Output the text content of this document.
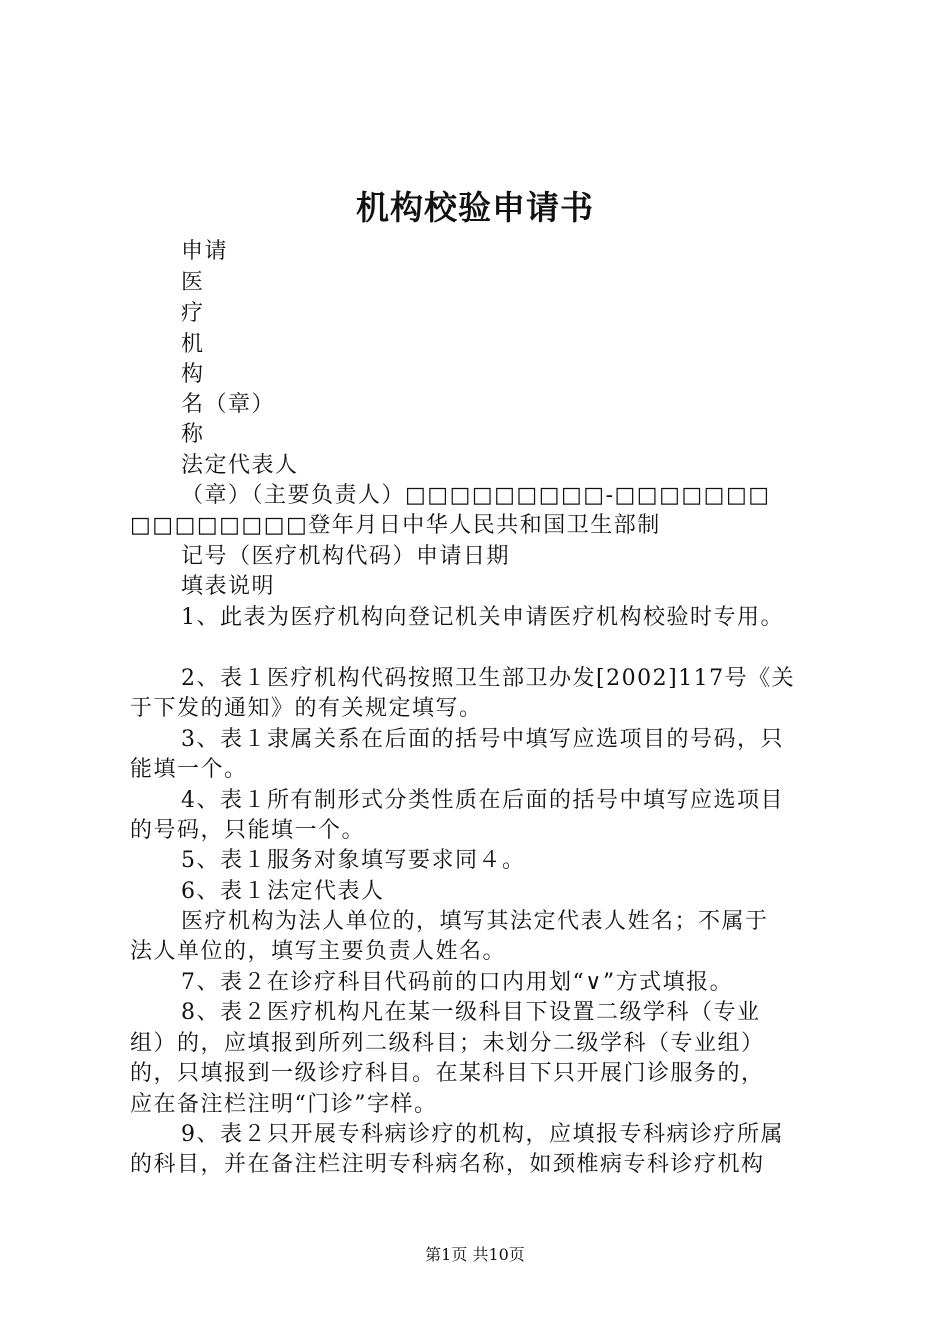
机构校验申请书
申请
医
疗
机
构
名（章）
称
法定代表人
（章）（主要负责人）□□□□□□□□□-□□□□□□□
□□□□□□□□登年月日中华人民共和国卫生部制
记号（医疗机构代码）申请日期
填表说明
1、此表为医疗机构向登记机关申请医疗机构校验时专用。
2、表１医疗机构代码按照卫生部卫办发[2002]117号《关
于下发的通知》的有关规定填写。
3、表１隶属关系在后面的括号中填写应选项目的号码，只
能填一个。
4、表１所有制形式分类性质在后面的括号中填写应选项目
的号码，只能填一个。
5、表１服务对象填写要求同４。
6、表１法定代表人
医疗机构为法人单位的，填写其法定代表人姓名；不属于
法人单位的，填写主要负责人姓名。
7、表２在诊疗科目代码前的口内用划“∨”方式填报。
8、表２医疗机构凡在某一级科目下设置二级学科（专业
组）的，应填报到所列二级科目；未划分二级学科（专业组）
的，只填报到一级诊疗科目。在某科目下只开展门诊服务的，
应在备注栏注明“门诊”字样。
9、表２只开展专科病诊疗的机构，应填报专科病诊疗所属
的科目，并在备注栏注明专科病名称，如颈椎病专科诊疗机构
第1页 共10页
